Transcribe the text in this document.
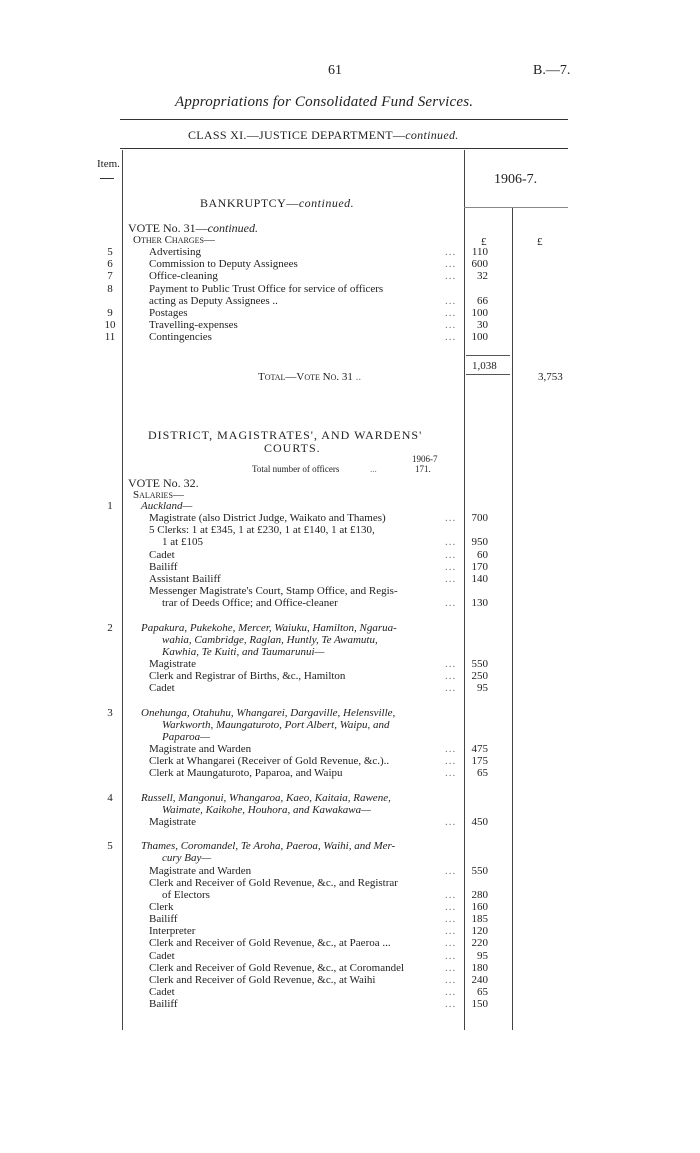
61	B.—7.
Appropriations for Consolidated Fund Services.
CLASS XI.—JUSTICE DEPARTMENT—continued.
Item.
1906-7.
BANKRUPTCY—continued.
VOTE No. 31—continued.
Other Charges—	£	£
5	Advertising	...	110
6	Commission to Deputy Assignees	...	600
7	Office-cleaning	...	32
8	Payment to Public Trust Office for service of officers
acting as Deputy Assignees ..	...	66
9	Postages	...	100
10	Travelling-expenses	...	30
11	Contingencies	...	100
1,038
Total—Vote No. 31 ..	3,753
DISTRICT, MAGISTRATES', AND WARDENS'
COURTS.
1906-7
Total number of officers	...	171.
VOTE No. 32.
Salaries—
1	Auckland—
Magistrate (also District Judge, Waikato and Thames)	...	700
5 Clerks: 1 at £345, 1 at £230, 1 at £140, 1 at £130,
1 at £105	...	950
Cadet	...	60
Bailiff	...	170
Assistant Bailiff	...	140
Messenger Magistrate's Court, Stamp Office, and Regis-
trar of Deeds Office; and Office-cleaner	...	130
2	Papakura, Pukekohe, Mercer, Waiuku, Hamilton, Ngarua-
wahia, Cambridge, Raglan, Huntly, Te Awamutu,
Kawhia, Te Kuiti, and Taumarunui—
Magistrate	...	550
Clerk and Registrar of Births, &c., Hamilton	...	250
Cadet	...	95
3	Onehunga, Otahuhu, Whangarei, Dargaville, Helensville,
Warkworth, Maungaturoto, Port Albert, Waipu, and
Paparoa—
Magistrate and Warden	...	475
Clerk at Whangarei (Receiver of Gold Revenue, &c.)..	...	175
Clerk at Maungaturoto, Paparoa, and Waipu	...	65
4	Russell, Mangonui, Whangaroa, Kaeo, Kaitaia, Rawene,
Waimate, Kaikohe, Houhora, and Kawakawa—
Magistrate	...	450
5	Thames, Coromandel, Te Aroha, Paeroa, Waihi, and Mer-
cury Bay—
Magistrate and Warden	...	550
Clerk and Receiver of Gold Revenue, &c., and Registrar
of Electors	...	280
Clerk	...	160
Bailiff	...	185
Interpreter	...	120
Clerk and Receiver of Gold Revenue, &c., at Paeroa ...	...	220
Cadet	...	95
Clerk and Receiver of Gold Revenue, &c., at Coromandel	...	180
Clerk and Receiver of Gold Revenue, &c., at Waihi	...	240
Cadet	...	65
Bailiff	...	150
